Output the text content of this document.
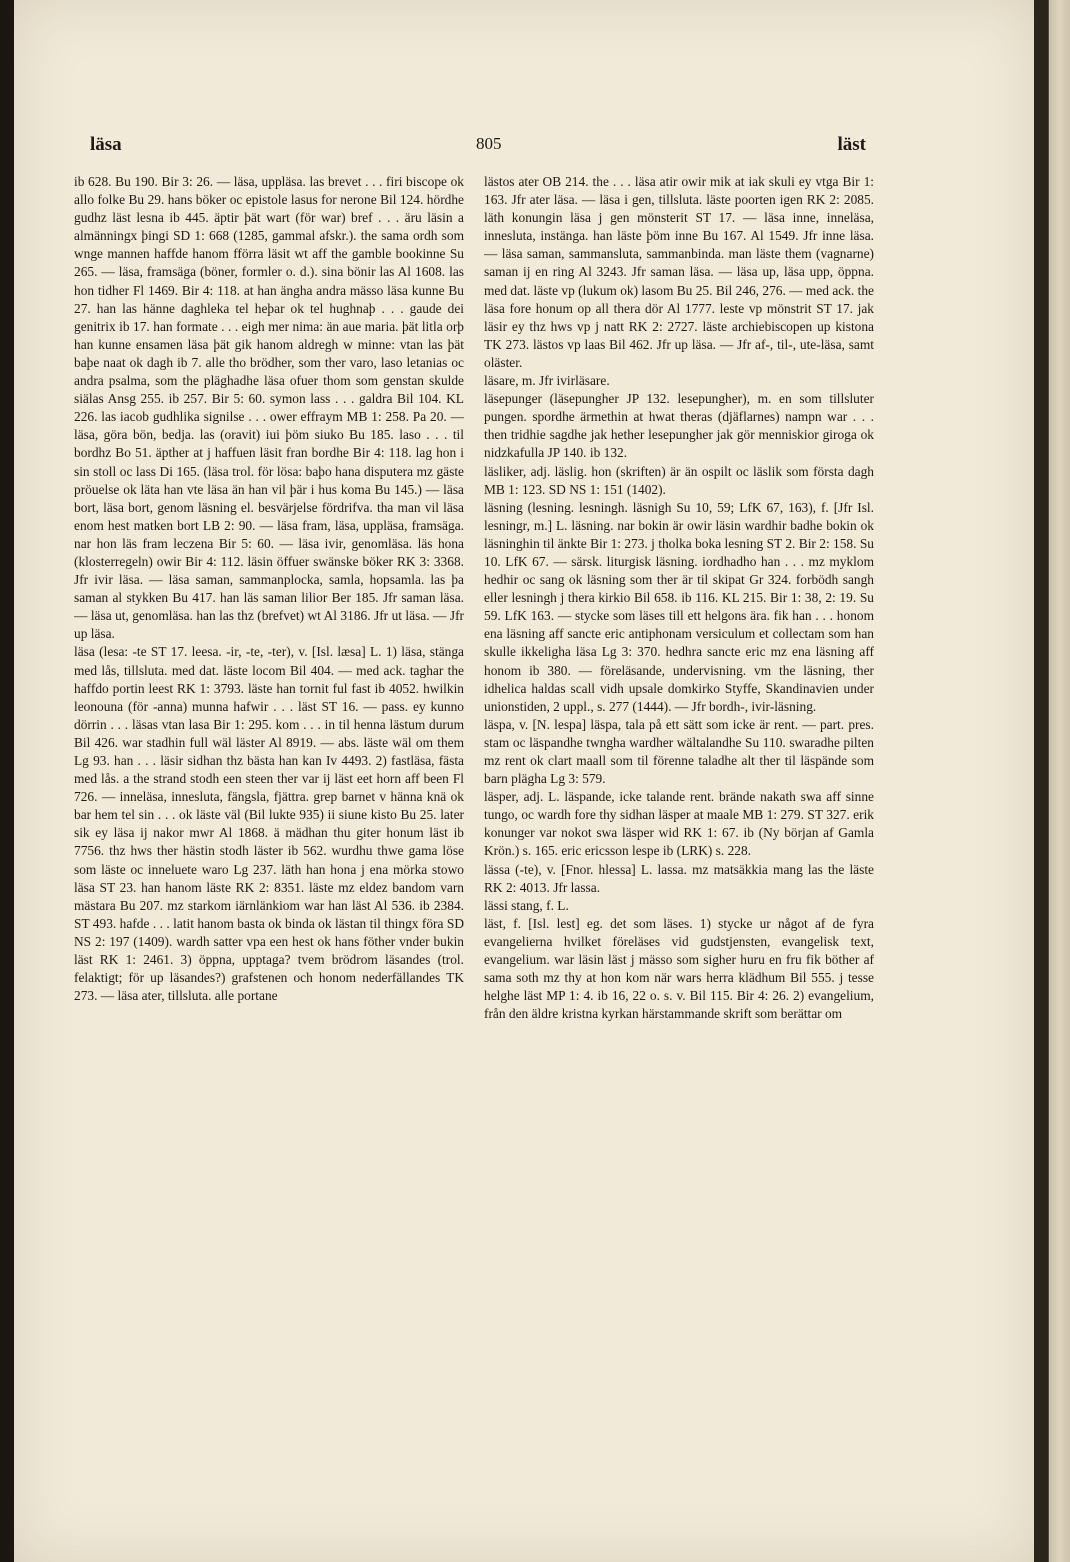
läsa	805	läst

ib 628. Bu 190. Bir 3: 26. — läsa, uppläsa. las brevet . . . firi biscope ok allo folke Bu 29. hans böker oc epistole lasus for nerone Bil 124. hördhe gudhz läst lesna ib 445. äptir þät wart (för war) bref . . . äru läsin a almänningx þingi SD 1: 668 (1285, gammal afskr.). the sama ordh som wnge mannen haffde hanom fförra läsit wt aff the gamble bookinne Su 265. — läsa, framsäga (böner, formler o. d.). sina bönir las Al 1608. las hon tidher Fl 1469. Bir 4: 118. at han ängha andra mässo läsa kunne Bu 27. han las hänne daghleka tel heþar ok tel hughnaþ . . . gaude dei genitrix ib 17. han formate . . . eigh mer nima: än aue maria. þät litla orþ han kunne ensamen läsa þät gik hanom aldregh w minne: vtan las þät baþe naat ok dagh ib 7. alle tho brödher, som ther varo, laso letanias oc andra psalma, som the pläghadhe läsa ofuer thom som genstan skulde siälas Ansg 255. ib 257. Bir 5: 60. symon lass . . . galdra Bil 104. KL 226. las iacob gudhlika signilse . . . ower effraym MB 1: 258. Pa 20. — läsa, göra bön, bedja. las (oravit) iui þöm siuko Bu 185. laso . . . til bordhz Bo 51. äpther at j haffuen läsit fran bordhe Bir 4: 118. lag hon i sin stoll oc lass Di 165. (läsa trol. för lösa: baþo hana disputera mz gäste pröuelse ok läta han vte läsa än han vil þär i hus koma Bu 145.) — läsa bort, läsa bort, genom läsning el. besvärjelse fördrifva. tha man vil läsa enom hest matken bort LB 2: 90. — läsa fram, läsa, uppläsa, framsäga. nar hon läs fram leczena Bir 5: 60. — läsa ivir, genomläsa. läs hona (klosterregeln) owir Bir 4: 112. läsin öffuer swänske böker RK 3: 3368. Jfr ivir läsa. — läsa saman, sammanplocka, samla, hopsamla. las þa saman al stykken Bu 417. han läs saman lilior Ber 185. Jfr saman läsa. — läsa ut, genomläsa. han las thz (brefvet) wt Al 3186. Jfr ut läsa. — Jfr up läsa.

läsa (lesa: -te ST 17. leesa. -ir, -te, -ter), v. [Isl. læsa] L. 1) läsa, stänga med lås, tillsluta. med dat. läste locom Bil 404. — med ack. taghar the haffdo portin leest RK 1: 3793. läste han tornit ful fast ib 4052. hwilkin leonouna (för -anna) munna hafwir . . . läst ST 16. — pass. ey kunno dörrin . . . läsas vtan lasa Bir 1: 295. kom . . . in til henna lästum durum Bil 426. war stadhin full wäl läster Al 8919. — abs. läste wäl om them Lg 93. han . . . läsir sidhan thz bästa han kan Iv 4493. 2) fastläsa, fästa med lås. a the strand stodh een steen ther var ij läst eet horn aff been Fl 726. — inneläsa, innesluta, fängsla, fjättra. grep barnet v hänna knä ok bar hem tel sin . . . ok läste väl (Bil lukte 935) ii siune kisto Bu 25. later sik ey läsa ij nakor mwr Al 1868. ä mädhan thu giter honum läst ib 7756. thz hws ther hästin stodh läster ib 562. wurdhu thwe gama löse som läste oc inneluete waro Lg 237. läth han hona j ena mörka stowo läsa ST 23. han hanom läste RK 2: 8351. läste mz eldez bandom varn mästara Bu 207. mz starkom iärnlänkiom war han läst Al 536. ib 2384. ST 493. hafde . . . latit hanom basta ok binda ok lästan til thingx föra SD NS 2: 197 (1409). wardh satter vpa een hest ok hans föther vnder bukin läst RK 1: 2461. 3) öppna, upptaga? tvem brödrom läsandes (trol. felaktigt; för up läsandes?) grafstenen och honom nederfällandes TK 273. — läsa ater, tillsluta. alle portane

lästos ater OB 214. the . . . läsa atir owir mik at iak skuli ey vtga Bir 1: 163. Jfr ater läsa. — läsa i gen, tillsluta. läste poorten igen RK 2: 2085. läth konungin läsa j gen mönsterit ST 17. — läsa inne, inneläsa, innesluta, instänga. han läste þöm inne Bu 167. Al 1549. Jfr inne läsa. — läsa saman, sammansluta, sammanbinda. man läste them (vagnarne) saman ij en ring Al 3243. Jfr saman läsa. — läsa up, läsa upp, öppna. med dat. läste vp (lukum ok) lasom Bu 25. Bil 246, 276. — med ack. the läsa fore honum op all thera dör Al 1777. leste vp mönstrit ST 17. jak läsir ey thz hws vp j natt RK 2: 2727. läste archiebiscopen up kistona TK 273. lästos vp laas Bil 462. Jfr up läsa. — Jfr af-, til-, ute-läsa, samt oläster.

läsare, m. Jfr ivirläsare.

läsepunger (läsepungher JP 132. lesepungher), m. en som tillsluter pungen. spordhe ärmethin at hwat theras (djäflarnes) nampn war . . . then tridhie sagdhe jak hether lesepungher jak gör menniskior giroga ok nidzkafulla JP 140. ib 132.

läsliker, adj. läslig. hon (skriften) är än ospilt oc läslik som första dagh MB 1: 123. SD NS 1: 151 (1402).

läsning (lesning. lesningh. läsnigh Su 10, 59; LfK 67, 163), f. [Jfr Isl. lesningr, m.] L. läsning. nar bokin är owir läsin wardhir badhe bokin ok läsninghin til änkte Bir 1: 273. j tholka boka lesning ST 2. Bir 2: 158. Su 10. LfK 67. — särsk. liturgisk läsning. iordhadho han . . . mz myklom hedhir oc sang ok läsning som ther är til skipat Gr 324. forbödh sangh eller lesningh j thera kirkio Bil 658. ib 116. KL 215. Bir 1: 38, 2: 19. Su 59. LfK 163. — stycke som läses till ett helgons ära. fik han . . . honom ena läsning aff sancte eric antiphonam versiculum et collectam som han skulle ikkeligha läsa Lg 3: 370. hedhra sancte eric mz ena läsning aff honom ib 380. — föreläsande, undervisning. vm the läsning, ther idhelica haldas scall vidh upsale domkirko Styffe, Skandinavien under unionstiden, 2 uppl., s. 277 (1444). — Jfr bordh-, ivir-läsning.

läspa, v. [N. lespa] läspa, tala på ett sätt som icke är rent. — part. pres. stam oc läspandhe twngha wardher wältalandhe Su 110. swaradhe pilten mz rent ok clart maall som til förenne taladhe alt ther til läspände som barn plägha Lg 3: 579.

läsper, adj. L. läspande, icke talande rent. brände nakath swa aff sinne tungo, oc wardh fore thy sidhan läsper at maale MB 1: 279. ST 327. erik konunger var nokot swa läsper wid RK 1: 67. ib (Ny början af Gamla Krön.) s. 165. eric ericsson lespe ib (LRK) s. 228.

lässa (-te), v. [Fnor. hlessa] L. lassa. mz matsäkkia mang las the läste RK 2: 4013. Jfr lassa.

lässi stang, f. L.

läst, f. [Isl. lest] eg. det som läses. 1) stycke ur något af de fyra evangelierna hvilket föreläses vid gudstjensten, evangelisk text, evangelium. war läsin läst j mässo som sigher huru en fru fik böther af sama soth mz thy at hon kom när wars herra klädhum Bil 555. j tesse helghe läst MP 1: 4. ib 16, 22 o. s. v. Bil 115. Bir 4: 26. 2) evangelium, från den äldre kristna kyrkan härstammande skrift som berättar om
